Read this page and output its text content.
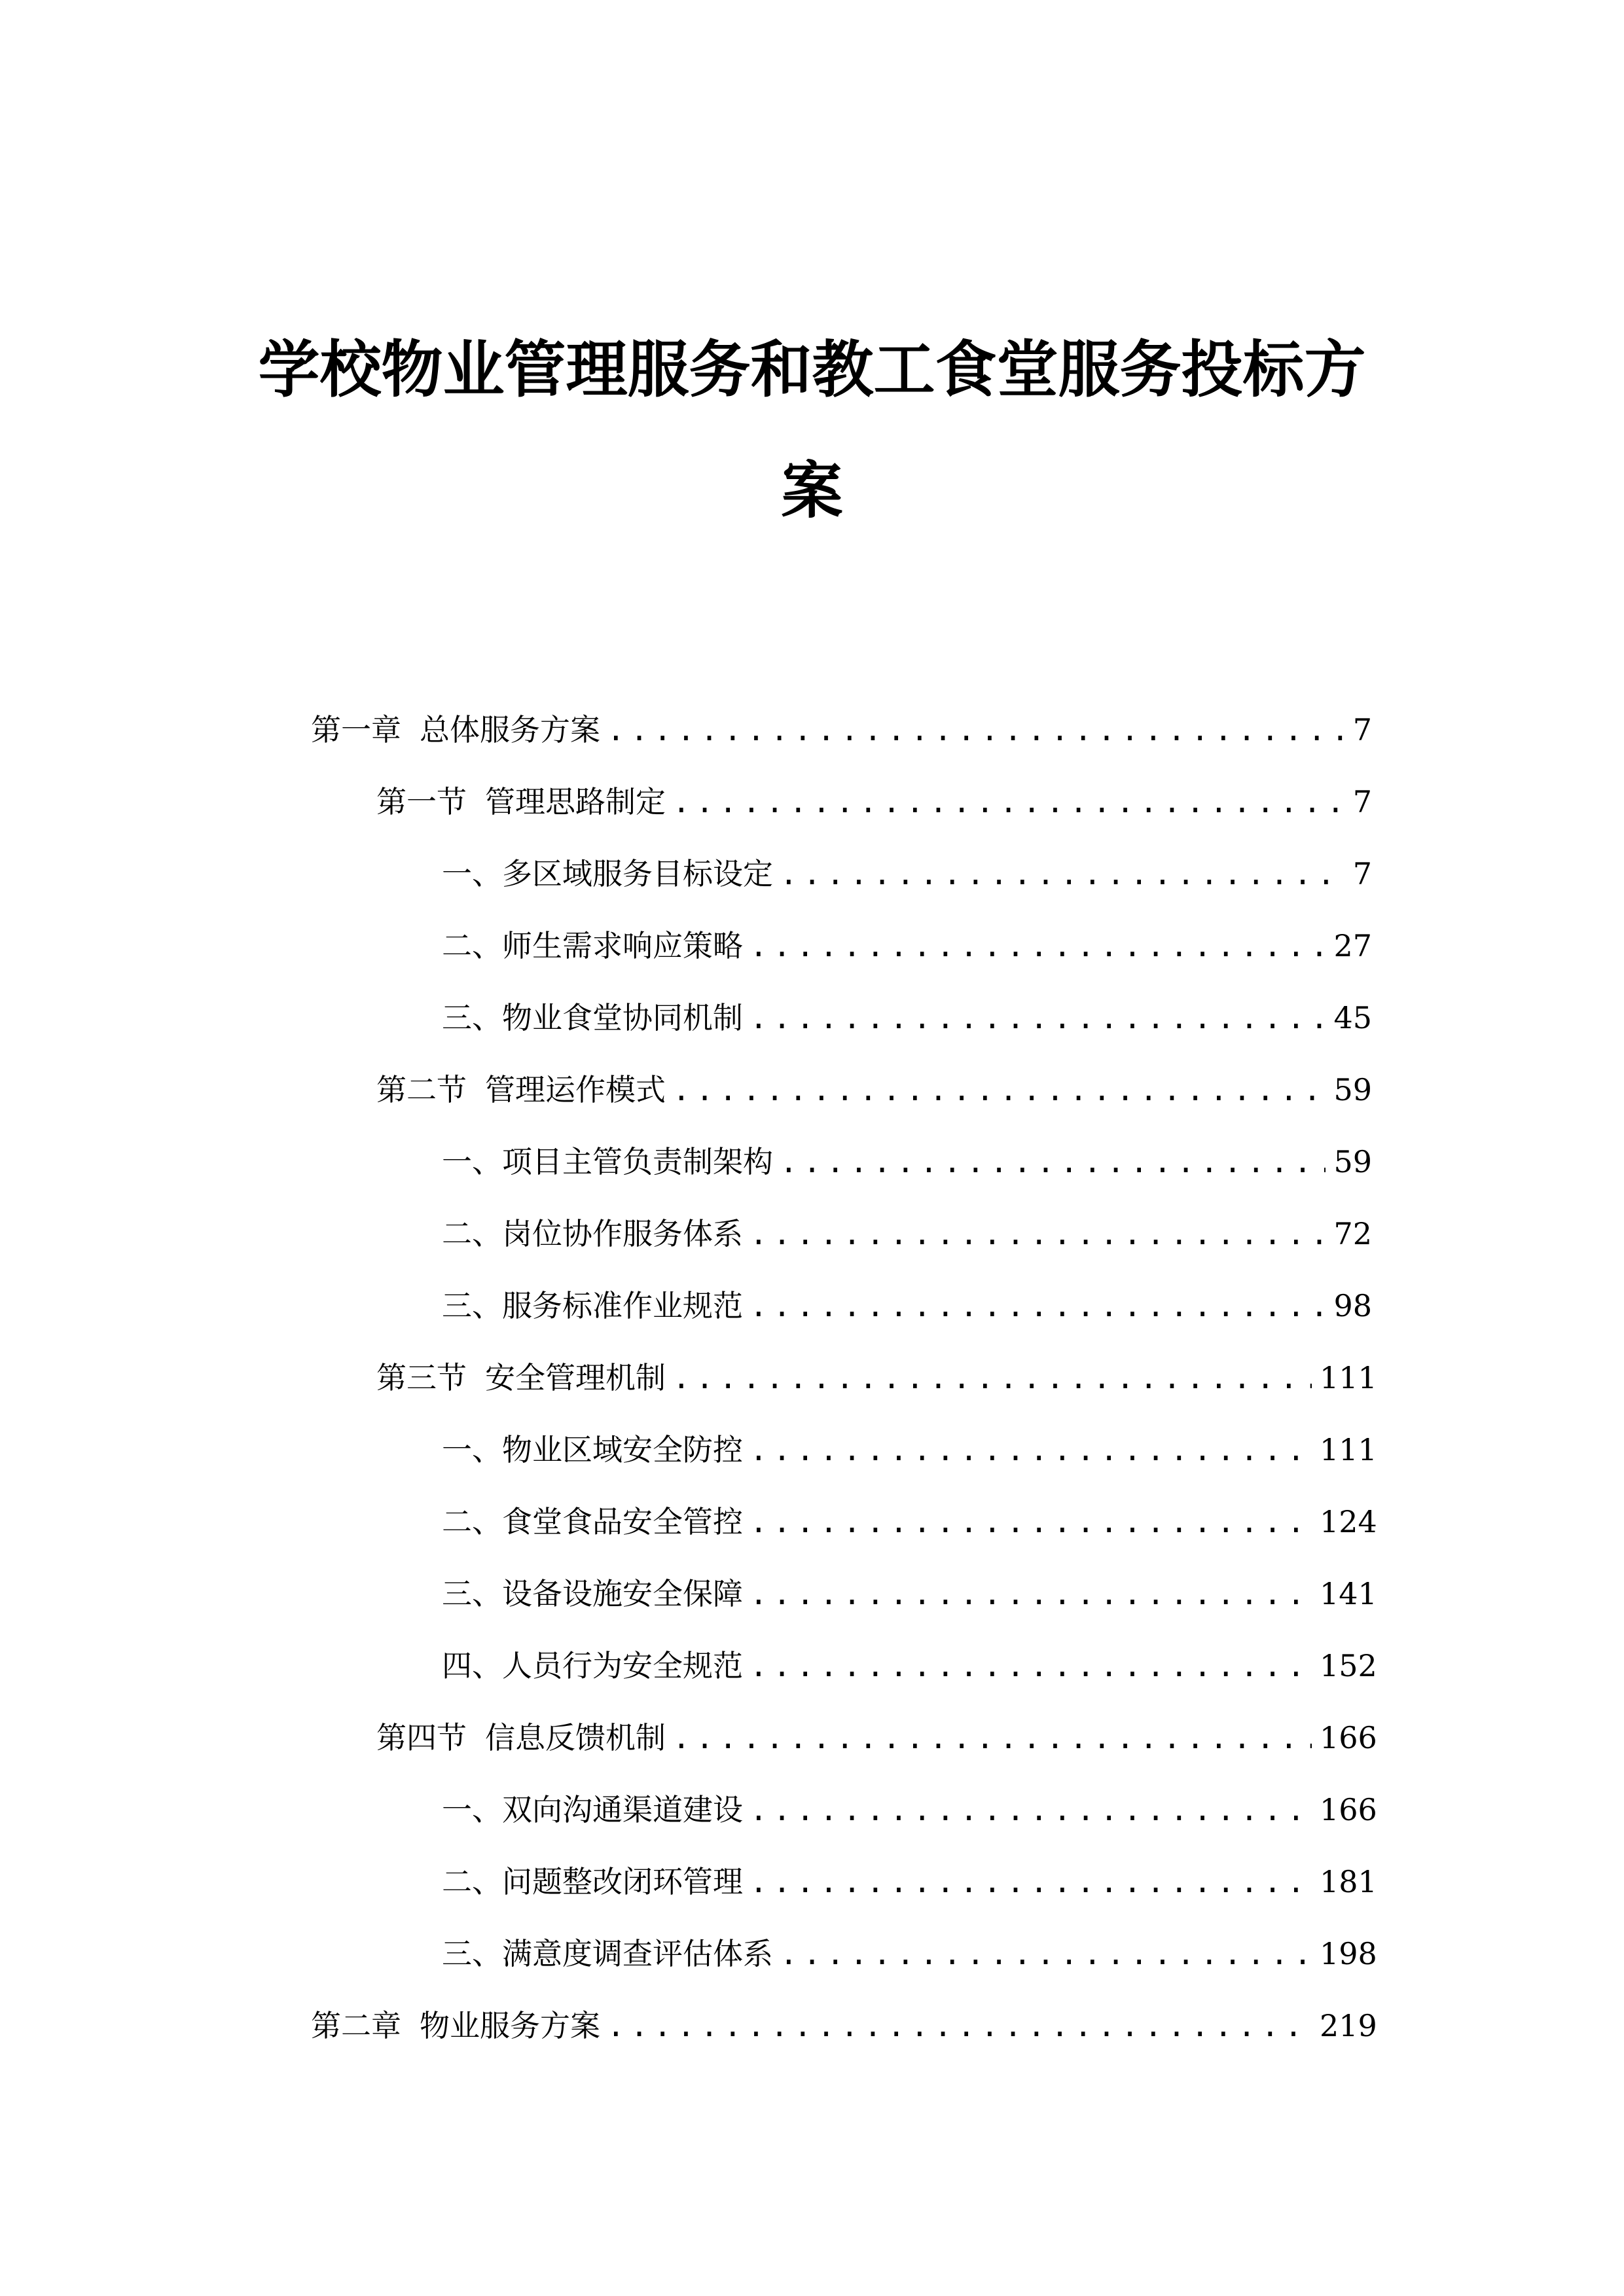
学校物业管理服务和教工食堂服务投标方
案
第一章 总体服务方案 .....	7
第一节 管理思路制定 .....	7
一、 多区域服务目标设定 .....	7
二、 师生需求响应策略 .....	27
三、 物业食堂协同机制 .....	45
第二节 管理运作模式 .....	59
一、 项目主管负责制架构 .....	59
二、 岗位协作服务体系 .....	72
三、 服务标准作业规范 .....	98
第三节 安全管理机制 .....	111
一、 物业区域安全防控 .....	111
二、 食堂食品安全管控 .....	124
三、 设备设施安全保障 .....	141
四、 人员行为安全规范 .....	152
第四节 信息反馈机制 .....	166
一、 双向沟通渠道建设 .....	166
二、 问题整改闭环管理 .....	181
三、 满意度调查评估体系 .....	198
第二章 物业服务方案 .....	219
